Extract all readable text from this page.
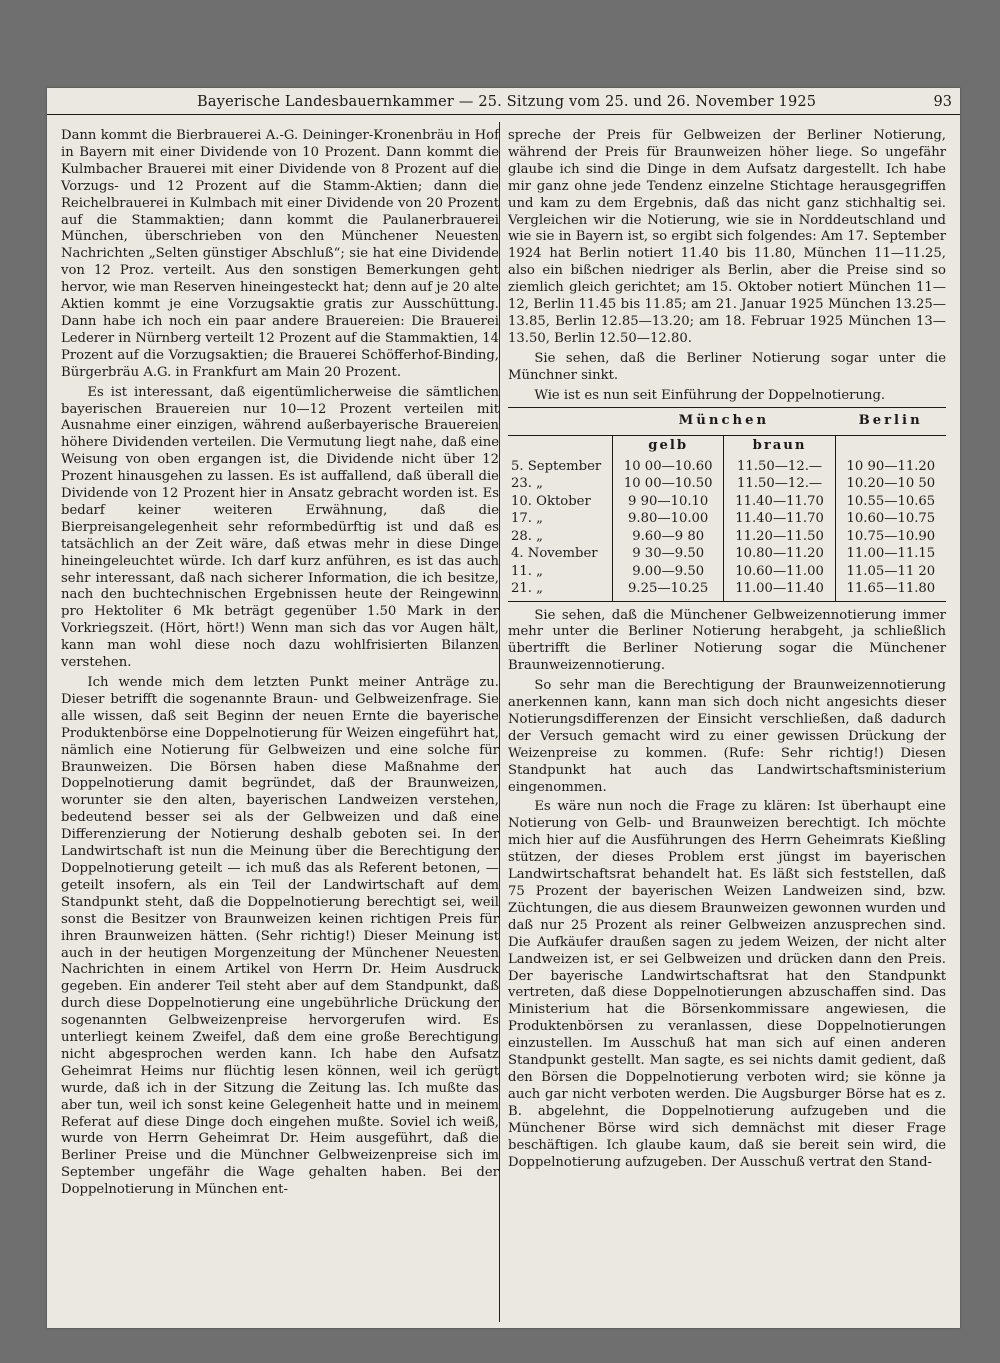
Bayerische Landesbauernkammer — 25. Sitzung vom 25. und 26. November 1925	93

Dann kommt die Bierbrauerei A.-G. Deininger-Kronenbräu in Hof in Bayern mit einer Dividende von 10 Prozent. Dann kommt die Kulmbacher Brauerei mit einer Dividende von 8 Prozent auf die Vorzugs- und 12 Prozent auf die Stamm-Aktien; dann die Reichelbrauerei in Kulmbach mit einer Dividende von 20 Prozent auf die Stammaktien; dann kommt die Paulanerbrauerei München, überschrieben von den Münchener Neuesten Nachrichten „Selten günstiger Abschluß“; sie hat eine Dividende von 12 Proz. verteilt. Aus den sonstigen Bemerkungen geht hervor, wie man Reserven hineingesteckt hat; denn auf je 20 alte Aktien kommt je eine Vorzugsaktie gratis zur Ausschüttung. Dann habe ich noch ein paar andere Brauereien: Die Brauerei Lederer in Nürnberg verteilt 12 Prozent auf die Stammaktien, 14 Prozent auf die Vorzugsaktien; die Brauerei Schöfferhof-Binding, Bürgerbräu A.G. in Frankfurt am Main 20 Prozent.

Es ist interessant, daß eigentümlicherweise die sämtlichen bayerischen Brauereien nur 10—12 Prozent verteilen mit Ausnahme einer einzigen, während außerbayerische Brauereien höhere Dividenden verteilen. Die Vermutung liegt nahe, daß eine Weisung von oben ergangen ist, die Dividende nicht über 12 Prozent hinausgehen zu lassen. Es ist auffallend, daß überall die Dividende von 12 Prozent hier in Ansatz gebracht worden ist. Es bedarf keiner weiteren Erwähnung, daß die Bierpreisangelegenheit sehr reformbedürftig ist und daß es tatsächlich an der Zeit wäre, daß etwas mehr in diese Dinge hineingeleuchtet würde. Ich darf kurz anführen, es ist das auch sehr interessant, daß nach sicherer Information, die ich besitze, nach den buchtechnischen Ergebnissen heute der Reingewinn pro Hektoliter 6 Mk beträgt gegenüber 1.50 Mark in der Vorkriegszeit. (Hört, hört!) Wenn man sich das vor Augen hält, kann man wohl diese noch dazu wohlfrisierten Bilanzen verstehen.

Ich wende mich dem letzten Punkt meiner Anträge zu. Dieser betrifft die sogenannte Braun- und Gelbweizenfrage. Sie alle wissen, daß seit Beginn der neuen Ernte die bayerische Produktenbörse eine Doppelnotierung für Weizen eingeführt hat, nämlich eine Notierung für Gelbweizen und eine solche für Braunweizen. Die Börsen haben diese Maßnahme der Doppelnotierung damit begründet, daß der Braunweizen, worunter sie den alten, bayerischen Landweizen verstehen, bedeutend besser sei als der Gelbweizen und daß eine Differenzierung der Notierung deshalb geboten sei. In der Landwirtschaft ist nun die Meinung über die Berechtigung der Doppelnotierung geteilt — ich muß das als Referent betonen, — geteilt insofern, als ein Teil der Landwirtschaft auf dem Standpunkt steht, daß die Doppelnotierung berechtigt sei, weil sonst die Besitzer von Braunweizen keinen richtigen Preis für ihren Braunweizen hätten. (Sehr richtig!) Dieser Meinung ist auch in der heutigen Morgenzeitung der Münchener Neuesten Nachrichten in einem Artikel von Herrn Dr. Heim Ausdruck gegeben. Ein anderer Teil steht aber auf dem Standpunkt, daß durch diese Doppelnotierung eine ungebührliche Drückung der sogenannten Gelbweizenpreise hervorgerufen wird. Es unterliegt keinem Zweifel, daß dem eine große Berechtigung nicht abgesprochen werden kann. Ich habe den Aufsatz Geheimrat Heims nur flüchtig lesen können, weil ich gerügt wurde, daß ich in der Sitzung die Zeitung las. Ich mußte das aber tun, weil ich sonst keine Gelegenheit hatte und in meinem Referat auf diese Dinge doch eingehen mußte. Soviel ich weiß, wurde von Herrn Geheimrat Dr. Heim ausgeführt, daß die Berliner Preise und die Münchner Gelbweizenpreise sich im September ungefähr die Wage gehalten haben. Bei der Doppelnotierung in München ent-

spreche der Preis für Gelbweizen der Berliner Notierung, während der Preis für Braunweizen höher liege. So ungefähr glaube ich sind die Dinge in dem Aufsatz dargestellt. Ich habe mir ganz ohne jede Tendenz einzelne Stichtage herausgegriffen und kam zu dem Ergebnis, daß das nicht ganz stichhaltig sei. Vergleichen wir die Notierung, wie sie in Norddeutschland und wie sie in Bayern ist, so ergibt sich folgendes: Am 17. September 1924 hat Berlin notiert 11.40 bis 11.80, München 11—11.25, also ein bißchen niedriger als Berlin, aber die Preise sind so ziemlich gleich gerichtet; am 15. Oktober notiert München 11—12, Berlin 11.45 bis 11.85; am 21. Januar 1925 München 13.25—13.85, Berlin 12.85—13.20; am 18. Februar 1925 München 13—13.50, Berlin 12.50—12.80.

Sie sehen, daß die Berliner Notierung sogar unter die Münchner sinkt.

Wie ist es nun seit Einführung der Doppelnotierung.

	München		Berlin
	gelb	braun	
5. September	10 00—10.60	11.50—12.—	10 90—11.20
23. „	10 00—10.50	11.50—12.—	10.20—10 50
10. Oktober	9 90—10.10	11.40—11.70	10.55—10.65
17. „	9.80—10.00	11.40—11.70	10.60—10.75
28. „	9.60—9 80	11.20—11.50	10.75—10.90
4. November	9 30—9.50	10.80—11.20	11.00—11.15
11. „	9.00—9.50	10.60—11.00	11.05—11 20
21. „	9.25—10.25	11.00—11.40	11.65—11.80

Sie sehen, daß die Münchener Gelbweizennotierung immer mehr unter die Berliner Notierung herabgeht, ja schließlich übertrifft die Berliner Notierung sogar die Münchener Braunweizennotierung.

So sehr man die Berechtigung der Braunweizennotierung anerkennen kann, kann man sich doch nicht angesichts dieser Notierungsdifferenzen der Einsicht verschließen, daß dadurch der Versuch gemacht wird zu einer gewissen Drückung der Weizenpreise zu kommen. (Rufe: Sehr richtig!) Diesen Standpunkt hat auch das Landwirtschaftsministerium eingenommen.

Es wäre nun noch die Frage zu klären: Ist überhaupt eine Notierung von Gelb- und Braunweizen berechtigt. Ich möchte mich hier auf die Ausführungen des Herrn Geheimrats Kießling stützen, der dieses Problem erst jüngst im bayerischen Landwirtschaftsrat behandelt hat. Es läßt sich feststellen, daß 75 Prozent der bayerischen Weizen Landweizen sind, bzw. Züchtungen, die aus diesem Braunweizen gewonnen wurden und daß nur 25 Prozent als reiner Gelbweizen anzusprechen sind. Die Aufkäufer draußen sagen zu jedem Weizen, der nicht alter Landweizen ist, er sei Gelbweizen und drücken dann den Preis. Der bayerische Landwirtschaftsrat hat den Standpunkt vertreten, daß diese Doppelnotierungen abzuschaffen sind. Das Ministerium hat die Börsenkommissare angewiesen, die Produktenbörsen zu veranlassen, diese Doppelnotierungen einzustellen. Im Ausschuß hat man sich auf einen anderen Standpunkt gestellt. Man sagte, es sei nichts damit gedient, daß den Börsen die Doppelnotierung verboten wird; sie könne ja auch gar nicht verboten werden. Die Augsburger Börse hat es z. B. abgelehnt, die Doppelnotierung aufzugeben und die Münchener Börse wird sich demnächst mit dieser Frage beschäftigen. Ich glaube kaum, daß sie bereit sein wird, die Doppelnotierung aufzugeben. Der Ausschuß vertrat den Stand-
